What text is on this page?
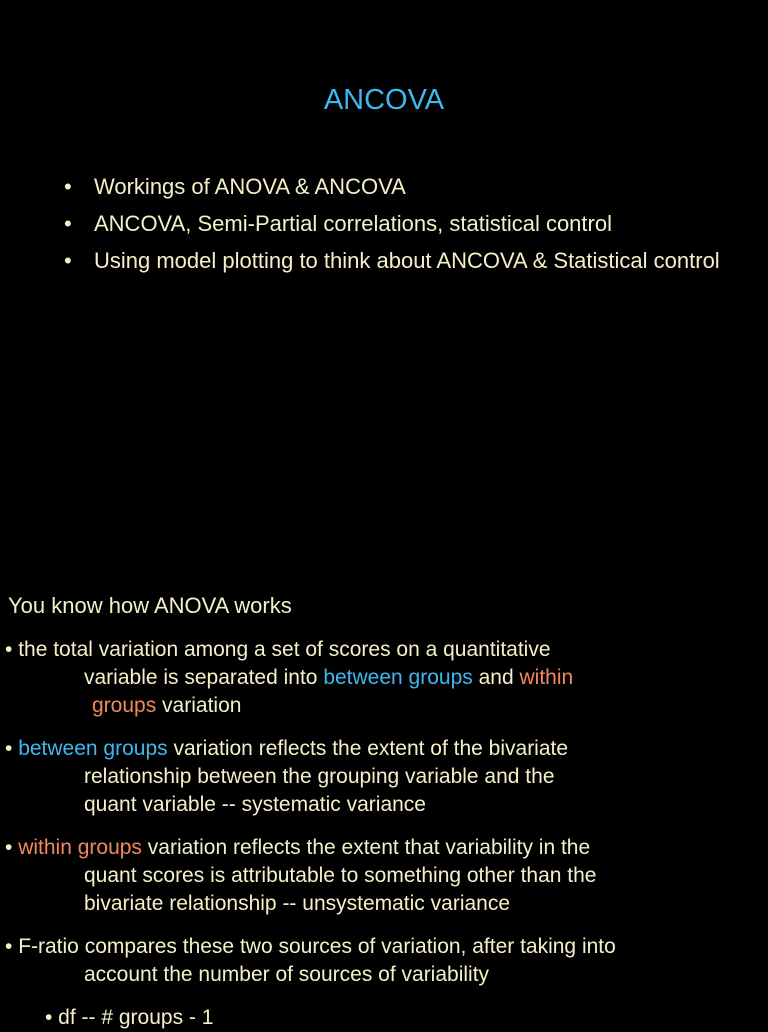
ANCOVA
• Workings of ANOVA & ANCOVA
• ANCOVA, Semi-Partial correlations, statistical control
• Using model plotting to think about ANCOVA & Statistical control

You know how ANOVA works

• the total variation among a set of scores on a quantitative
variable is separated into between groups and within
groups variation
• between groups variation reflects the extent of the bivariate
relationship between the grouping variable and the
quant variable -- systematic variance
• within groups variation reflects the extent that variability in the
quant scores is attributable to something other than the
bivariate relationship -- unsystematic variance
• F-ratio compares these two sources of variation, after taking into
account the number of sources of variability

• df -- # groups - 1
